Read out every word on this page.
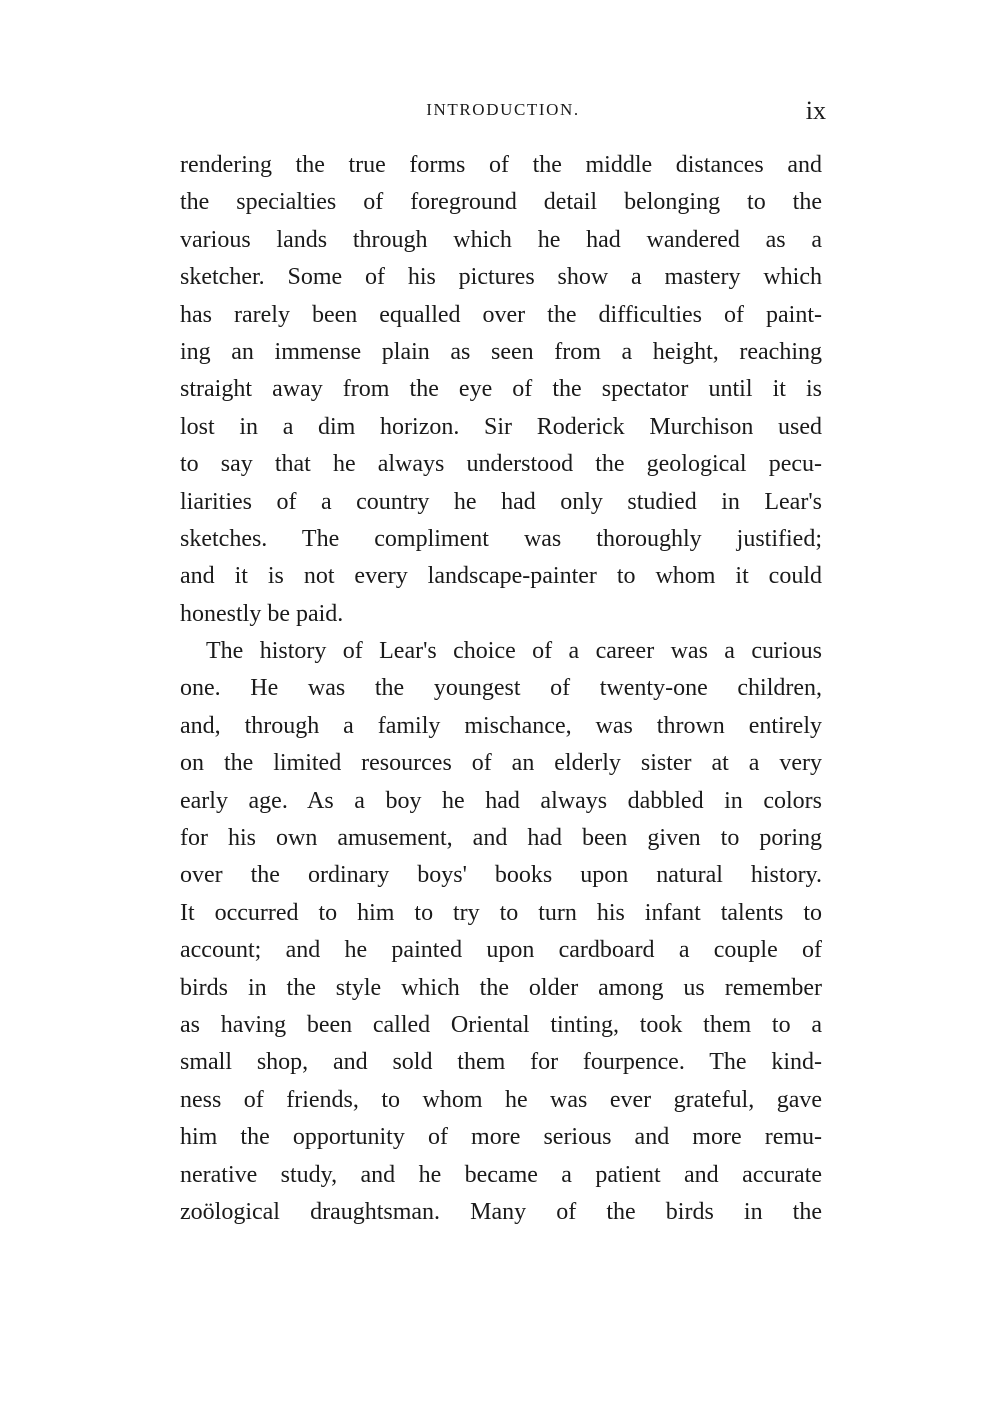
INTRODUCTION.	ix
rendering the true forms of the middle distances and
the specialties of foreground detail belonging to the
various lands through which he had wandered as a
sketcher. Some of his pictures show a mastery which
has rarely been equalled over the difficulties of paint-
ing an immense plain as seen from a height, reaching
straight away from the eye of the spectator until it is
lost in a dim horizon. Sir Roderick Murchison used
to say that he always understood the geological pecu-
liarities of a country he had only studied in Lear's
sketches. The compliment was thoroughly justified;
and it is not every landscape-painter to whom it could
honestly be paid.
The history of Lear's choice of a career was a curious
one. He was the youngest of twenty-one children,
and, through a family mischance, was thrown entirely
on the limited resources of an elderly sister at a very
early age. As a boy he had always dabbled in colors
for his own amusement, and had been given to poring
over the ordinary boys' books upon natural history.
It occurred to him to try to turn his infant talents to
account; and he painted upon cardboard a couple of
birds in the style which the older among us remember
as having been called Oriental tinting, took them to a
small shop, and sold them for fourpence. The kind-
ness of friends, to whom he was ever grateful, gave
him the opportunity of more serious and more remu-
nerative study, and he became a patient and accurate
zoölogical draughtsman. Many of the birds in the
